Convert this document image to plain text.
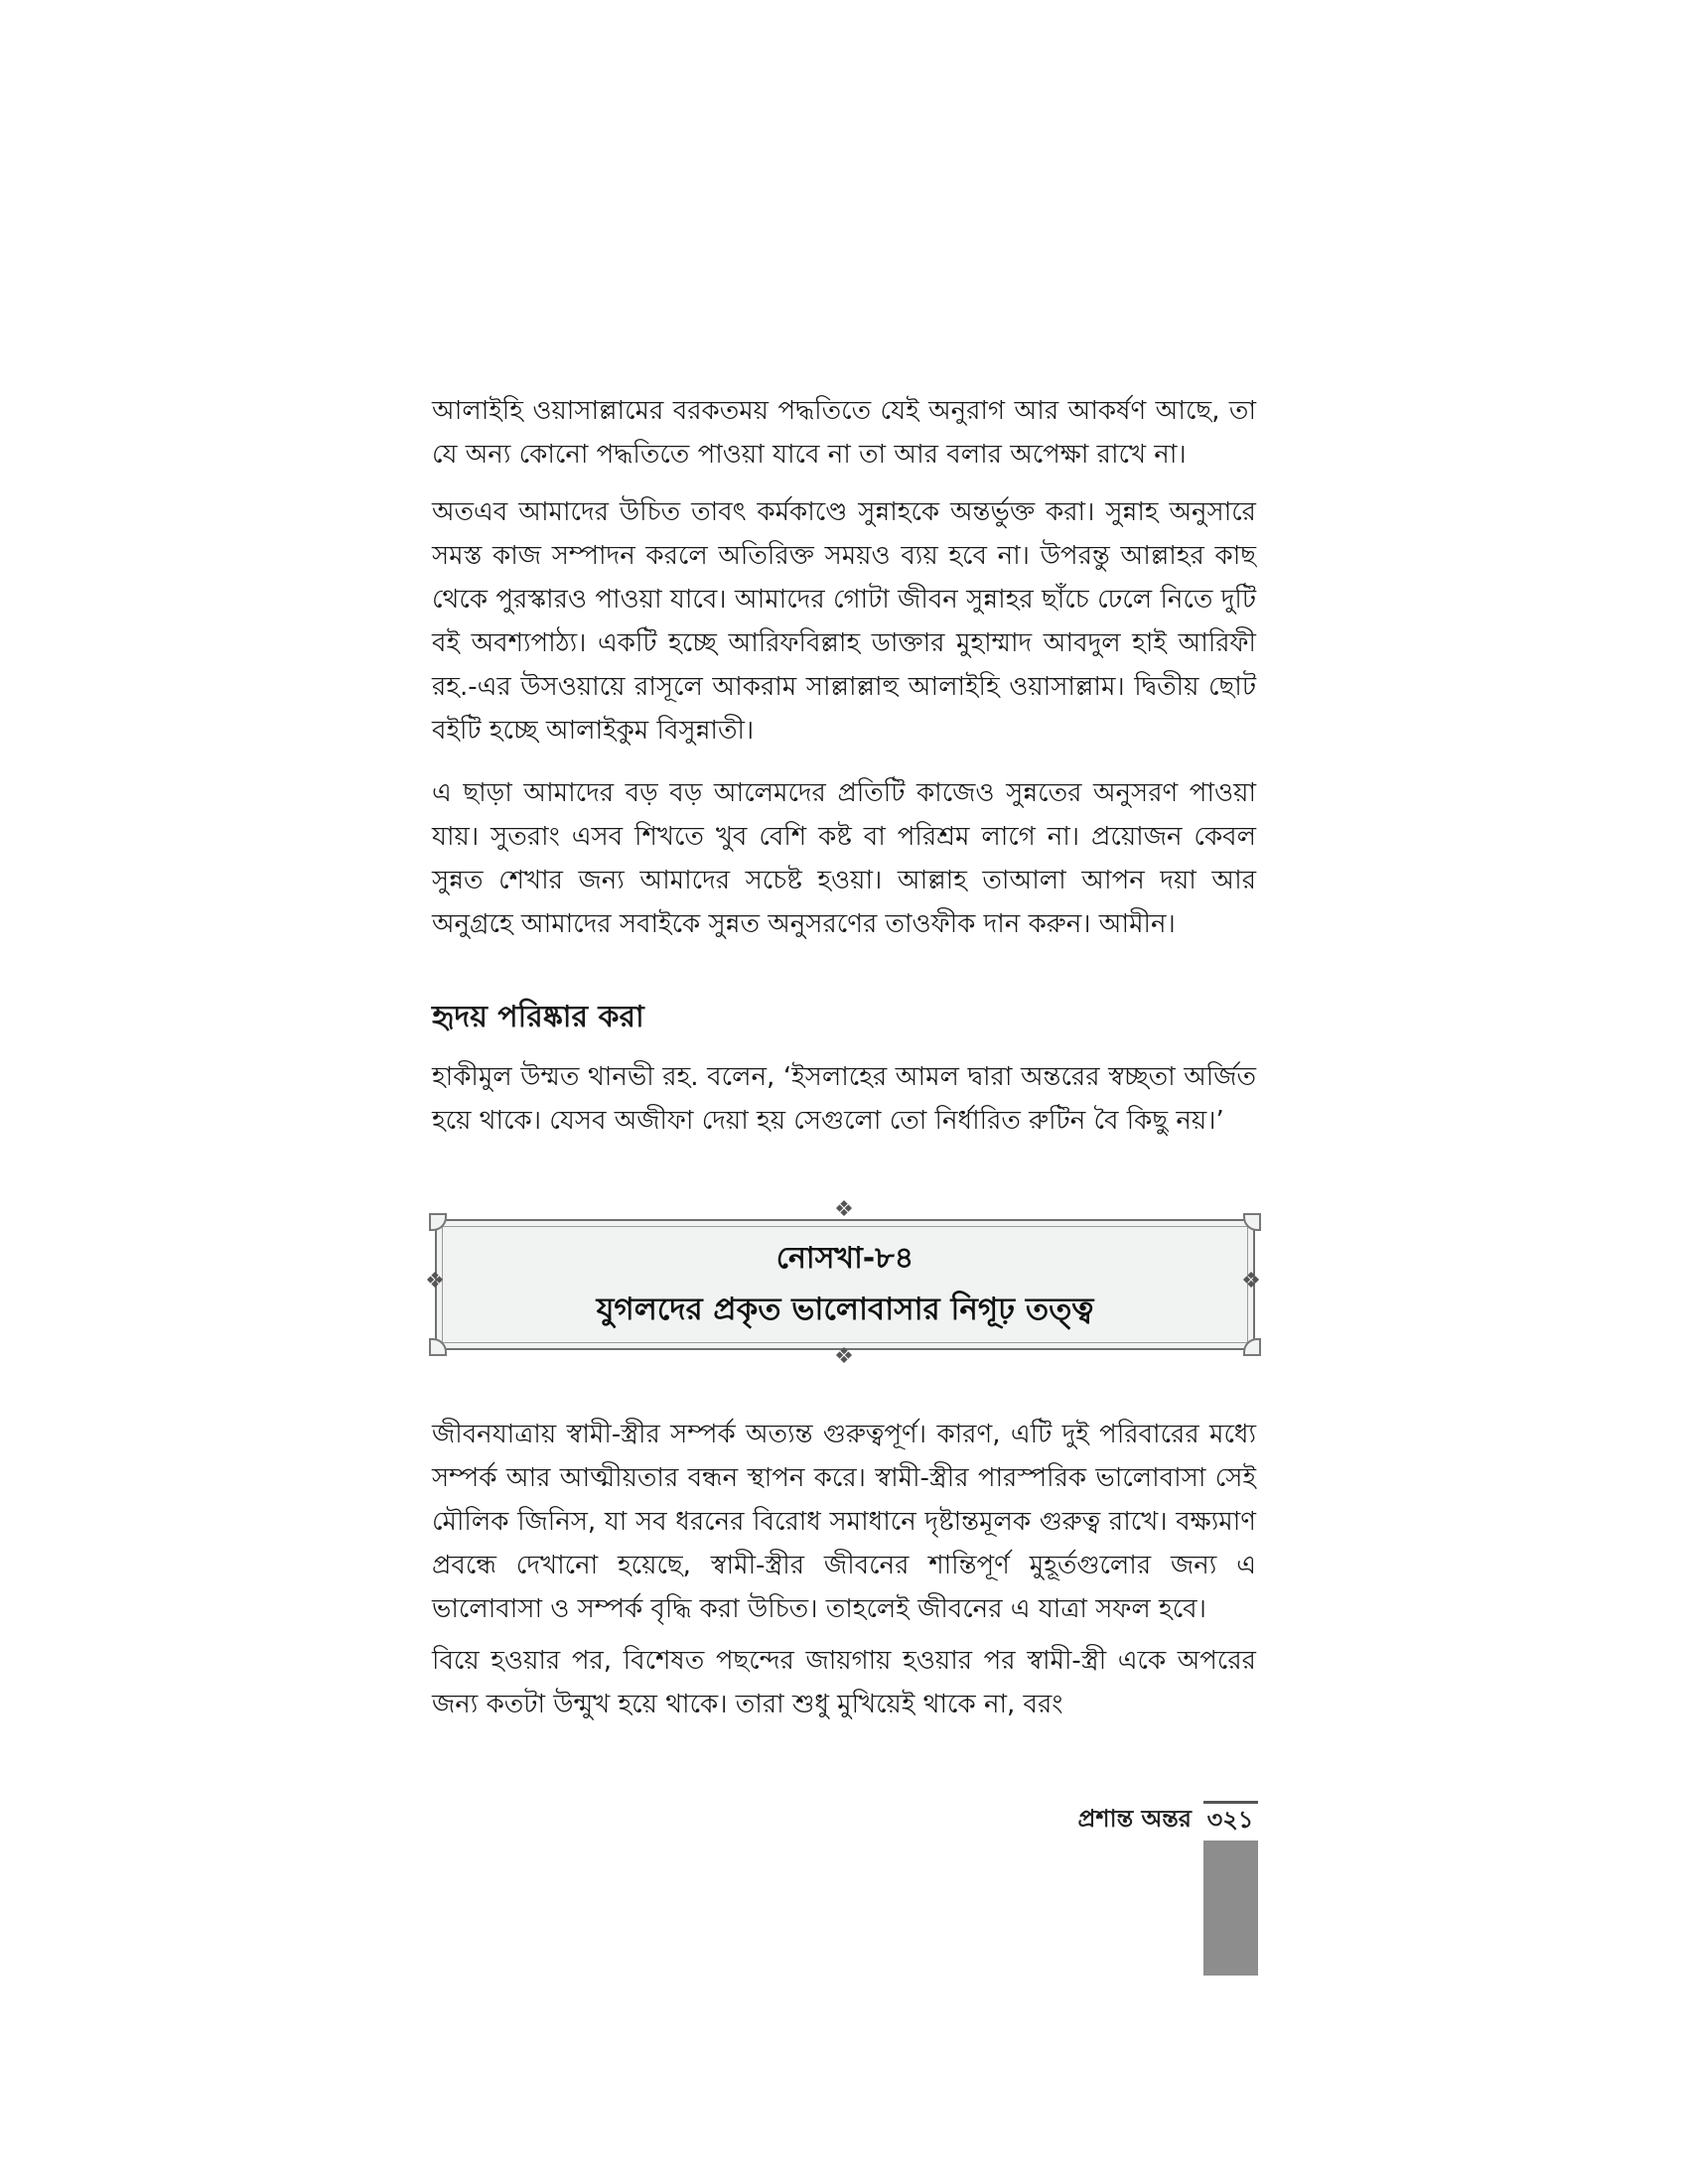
আলাইহি ওয়াসাল্লামের বরকতময় পদ্ধতিতে যেই অনুরাগ আর আকর্ষণ আছে, তা যে অন্য কোনো পদ্ধতিতে পাওয়া যাবে না তা আর বলার অপেক্ষা রাখে না।

অতএব আমাদের উচিত তাবৎ কর্মকাণ্ডে সুন্নাহকে অন্তর্ভুক্ত করা। সুন্নাহ অনুসারে সমস্ত কাজ সম্পাদন করলে অতিরিক্ত সময়ও ব্যয় হবে না। উপরন্তু আল্লাহর কাছ থেকে পুরস্কারও পাওয়া যাবে। আমাদের গোটা জীবন সুন্নাহর ছাঁচে ঢেলে নিতে দুটি বই অবশ্যপাঠ্য। একটি হচ্ছে আরিফবিল্লাহ ডাক্তার মুহাম্মাদ আবদুল হাই আরিফী রহ.-এর উসওয়ায়ে রাসূলে আকরাম সাল্লাল্লাহু আলাইহি ওয়াসাল্লাম। দ্বিতীয় ছোট বইটি হচ্ছে আলাইকুম বিসুন্নাতী।

এ ছাড়া আমাদের বড় বড় আলেমদের প্রতিটি কাজেও সুন্নতের অনুসরণ পাওয়া যায়। সুতরাং এসব শিখতে খুব বেশি কষ্ট বা পরিশ্রম লাগে না। প্রয়োজন কেবল সুন্নত শেখার জন্য আমাদের সচেষ্ট হওয়া। আল্লাহ তাআলা আপন দয়া আর অনুগ্রহে আমাদের সবাইকে সুন্নত অনুসরণের তাওফীক দান করুন। আমীন।

হৃদয় পরিষ্কার করা

হাকীমুল উম্মত থানভী রহ. বলেন, ‘ইসলাহের আমল দ্বারা অন্তরের স্বচ্ছতা অর্জিত হয়ে থাকে। যেসব অজীফা দেয়া হয় সেগুলো তো নির্ধারিত রুটিন বৈ কিছু নয়।’

নোসখা-৮৪
যুগলদের প্রকৃত ভালোবাসার নিগূঢ় তত্ত্ব
❖
❖
❖	❖

জীবনযাত্রায় স্বামী-স্ত্রীর সম্পর্ক অত্যন্ত গুরুত্বপূর্ণ। কারণ, এটি দুই পরিবারের মধ্যে সম্পর্ক আর আত্মীয়তার বন্ধন স্থাপন করে। স্বামী-স্ত্রীর পারস্পরিক ভালোবাসা সেই মৌলিক জিনিস, যা সব ধরনের বিরোধ সমাধানে দৃষ্টান্তমূলক গুরুত্ব রাখে। বক্ষ্যমাণ প্রবন্ধে দেখানো হয়েছে, স্বামী-স্ত্রীর জীবনের শান্তিপূর্ণ মুহূর্তগুলোর জন্য এ ভালোবাসা ও সম্পর্ক বৃদ্ধি করা উচিত। তাহলেই জীবনের এ যাত্রা সফল হবে।

বিয়ে হওয়ার পর, বিশেষত পছন্দের জায়গায় হওয়ার পর স্বামী-স্ত্রী একে অপরের জন্য কতটা উন্মুখ হয়ে থাকে। তারা শুধু মুখিয়েই থাকে না, বরং

প্রশান্ত অন্তর ৩২১
